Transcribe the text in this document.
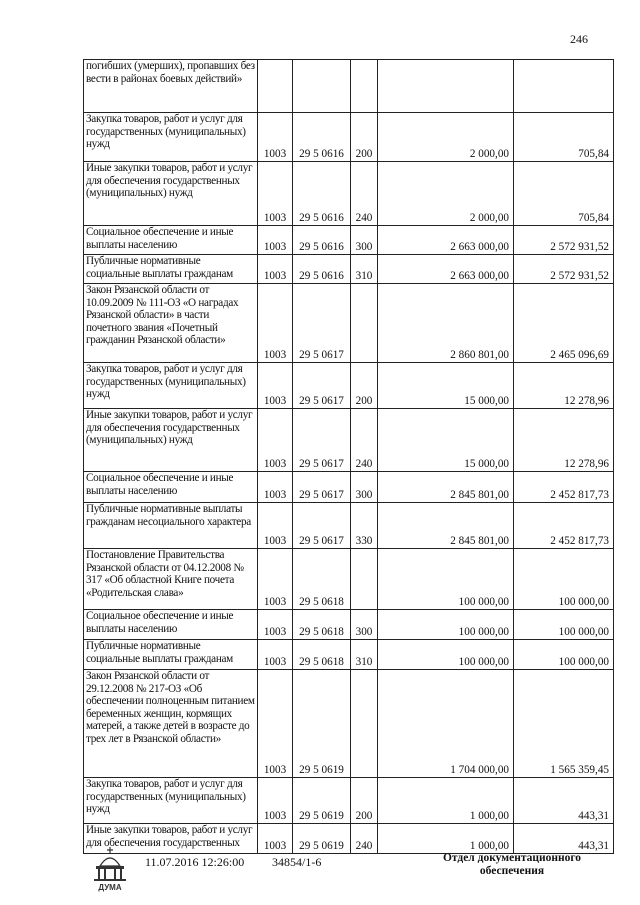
246
погибших (умерших), пропавших без вести в районах боевых действий»					
Закупка товаров, работ и услуг для государственных (муниципальных) нужд	1003	29 5 0616	200	2 000,00	705,84
Иные закупки товаров, работ и услуг для обеспечения государственных (муниципальных) нужд	1003	29 5 0616	240	2 000,00	705,84
Социальное обеспечение и иные выплаты населению	1003	29 5 0616	300	2 663 000,00	2 572 931,52
Публичные нормативные социальные выплаты гражданам	1003	29 5 0616	310	2 663 000,00	2 572 931,52
Закон Рязанской области от 10.09.2009 № 111-ОЗ «О наградах Рязанской области» в части почетного звания «Почетный гражданин Рязанской области»	1003	29 5 0617		2 860 801,00	2 465 096,69
Закупка товаров, работ и услуг для государственных (муниципальных) нужд	1003	29 5 0617	200	15 000,00	12 278,96
Иные закупки товаров, работ и услуг для обеспечения государственных (муниципальных) нужд	1003	29 5 0617	240	15 000,00	12 278,96
Социальное обеспечение и иные выплаты населению	1003	29 5 0617	300	2 845 801,00	2 452 817,73
Публичные нормативные выплаты гражданам несоциального характера	1003	29 5 0617	330	2 845 801,00	2 452 817,73
Постановление Правительства Рязанской области от 04.12.2008 № 317 «Об областной Книге почета «Родительская слава»	1003	29 5 0618		100 000,00	100 000,00
Социальное обеспечение и иные выплаты населению	1003	29 5 0618	300	100 000,00	100 000,00
Публичные нормативные социальные выплаты гражданам	1003	29 5 0618	310	100 000,00	100 000,00
Закон Рязанской области от 29.12.2008 № 217-ОЗ «Об обеспечении полноценным питанием беременных женщин, кормящих матерей, а также детей в возрасте до трех лет в Рязанской области»	1003	29 5 0619		1 704 000,00	1 565 359,45
Закупка товаров, работ и услуг для государственных (муниципальных) нужд	1003	29 5 0619	200	1 000,00	443,31
Иные закупки товаров, работ и услуг для обеспечения государственных	1003	29 5 0619	240	1 000,00	443,31
ДУМА
11.07.2016 12:26:00 34854/1-6	Отдел документационного
обеспечения
